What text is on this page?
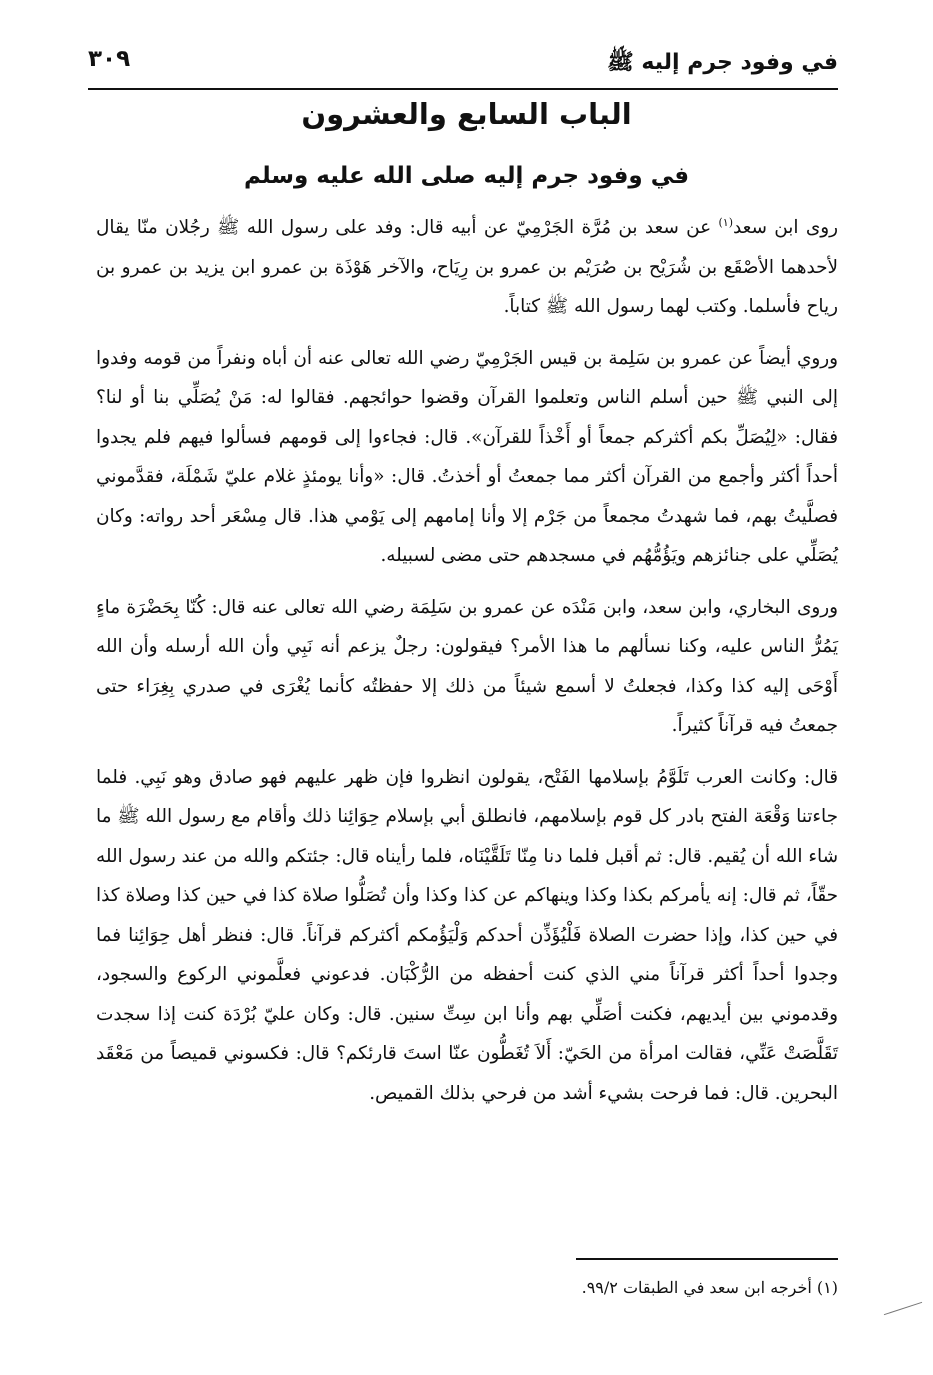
في وفود جرم إليه ﷺ
٣٠٩
الباب السابع والعشرون
في وفود جرم إليه صلى الله عليه وسلم

روى ابن سعد$^{(١)}$ عن سعد بن مُرَّة الجَرْمِيّ عن أبيه قال: وفد على رسول الله ﷺ رجُلان منّا يقال لأحدهما الأصْقَع بن شُرَيْح بن صُرَيْم بن عمرو بن رِيَاح، والآخر هَوْذَة بن عمرو ابن يزيد بن عمرو بن رياح فأسلما. وكتب لهما رسول الله ﷺ كتاباً.

وروي أيضاً عن عمرو بن سَلِمة بن قيس الجَرْمِيّ رضي الله تعالى عنه أن أباه ونفراً من قومه وفدوا إلى النبي ﷺ حين أسلم الناس وتعلموا القرآن وقضوا حوائجهم. فقالوا له: مَنْ يُصَلِّي بنا أو لنا؟ فقال: «لِيُصَلِّ بكم أكثركم جمعاً أو أَخْذاً للقرآن». قال: فجاءوا إلى قومهم فسألوا فيهم فلم يجدوا أحداً أكثر وأجمع من القرآن أكثر مما جمعتُ أو أخذتُ. قال: «وأنا يومئذٍ غلام عليّ شَمْلَة، فقدَّموني فصلَّيتُ بهم، فما شهدتُ مجمعاً من جَرْم إلا وأنا إمامهم إلى يَوْمي هذا. قال مِسْعَر أحد رواته: وكان يُصَلِّي على جنائزهم ويَؤُمُّهُم في مسجدهم حتى مضى لسبيله.

وروى البخاري، وابن سعد، وابن مَنْدَه عن عمرو بن سَلِمَة رضي الله تعالى عنه قال: كُنّا بِحَضْرَة ماءٍ يَمُرُّ الناس عليه، وكنا نسألهم ما هذا الأمر؟ فيقولون: رجلٌ يزعم أنه نَبِي وأن الله أرسله وأن الله أَوْحَى إليه كذا وكذا، فجعلتُ لا أسمع شيئاً من ذلك إلا حفظتُه كأنما يُغْرَى في صدري بِغِرَاء حتى جمعتُ فيه قرآناً كثيراً.

قال: وكانت العرب تَلَوَّمُ بإسلامها الفَتْح، يقولون انظروا فإن ظهر عليهم فهو صادق وهو نَبِي. فلما جاءتنا وَقْعَة الفتح بادر كل قوم بإسلامهم، فانطلق أبي بإسلام حِوَائِنا ذلك وأقام مع رسول الله ﷺ ما شاء الله أن يُقيم. قال: ثم أقبل فلما دنا مِنّا تَلَقَّيْنَاه، فلما رأيناه قال: جئتكم والله من عند رسول الله حقّاً، ثم قال: إنه يأمركم بكذا وكذا وينهاكم عن كذا وكذا وأن تُصَلُّوا صلاة كذا في حين كذا وصلاة كذا في حين كذا، وإذا حضرت الصلاة فَلْيُؤَذِّن أحدكم وَلْيَؤُمكم أكثركم قرآناً. قال: فنظر أهل حِوَائِنا فما وجدوا أحداً أكثر قرآناً مني الذي كنت أحفظه من الرُّكْبَان. فدعوني فعلَّموني الركوع والسجود، وقدموني بين أيديهم، فكنت أصَلِّي بهم وأنا ابن سِتِّ سنين. قال: وكان عليّ بُرْدَة كنت إذا سجدت تَقَلَّصَتْ عَنِّي، فقالت امرأة من الحَيّ: أَلاَ تُغَطُّون عنّا استَ قارئكم؟ قال: فكسوني قميصاً من مَعْقَد البحرين. قال: فما فرحت بشيء أشد من فرحي بذلك القميص.

(١) أخرجه ابن سعد في الطبقات ٩٩/٢.
